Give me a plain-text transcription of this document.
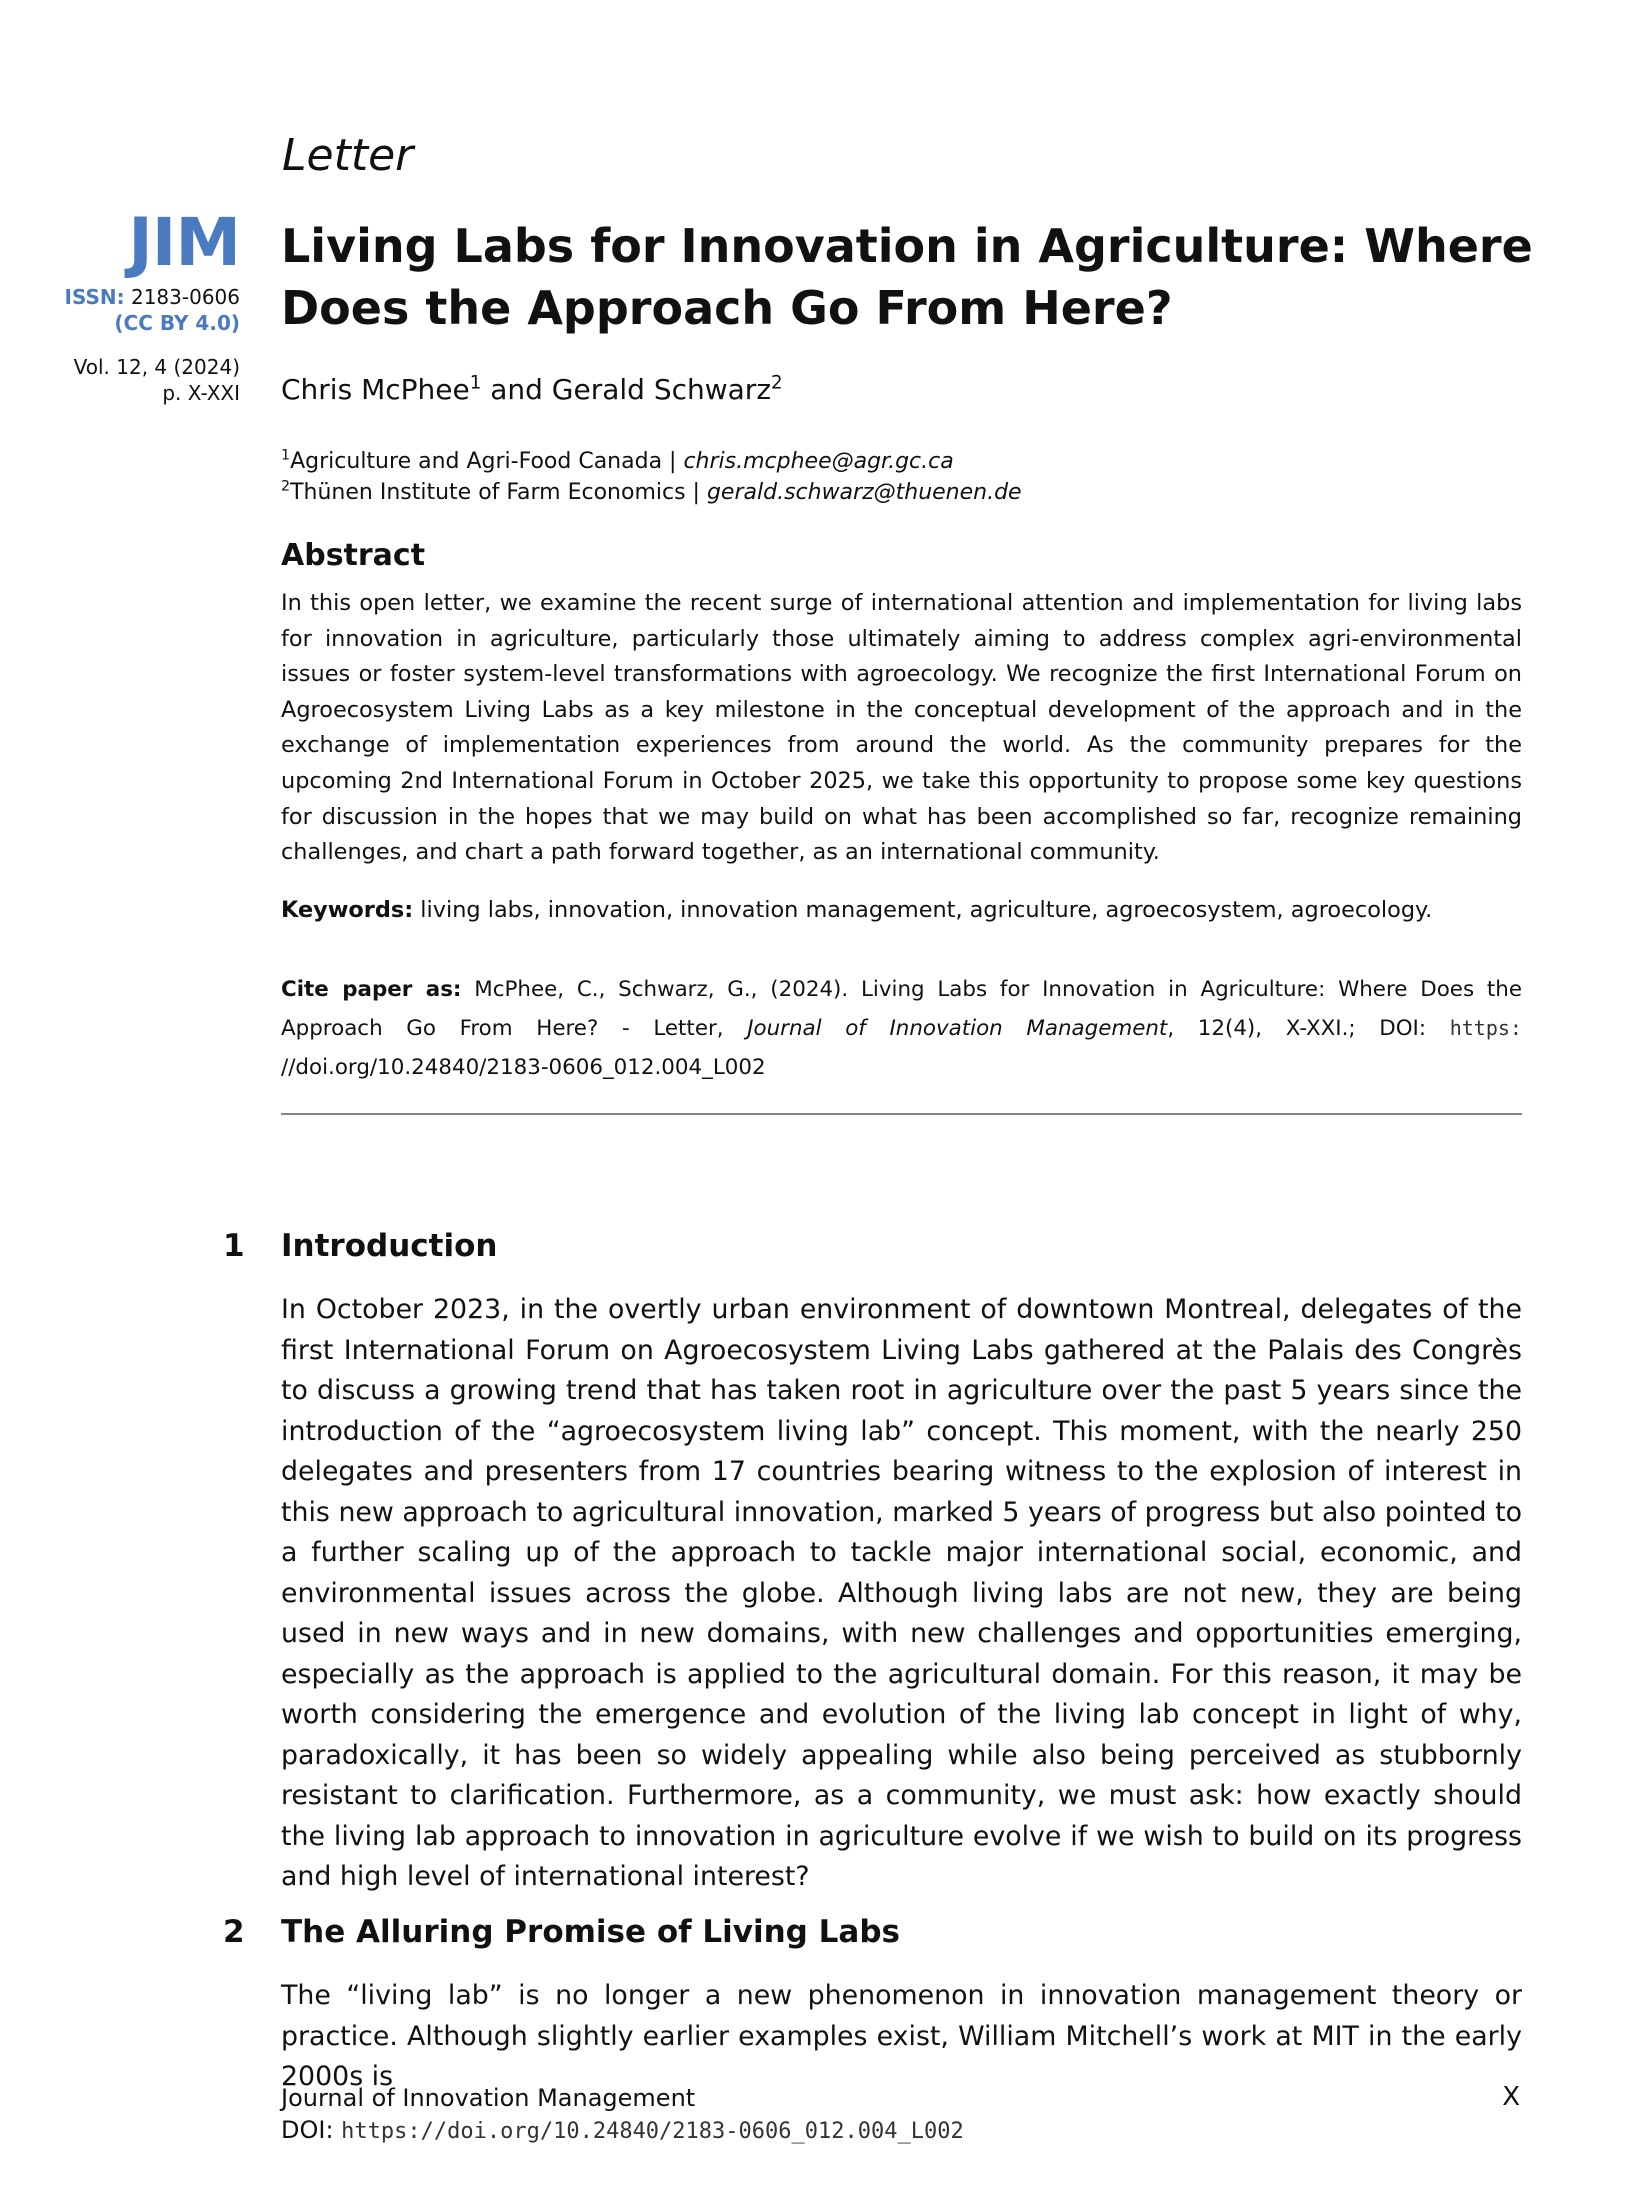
Letter
JIM
ISSN: 2183-0606
(CC BY 4.0)
Vol. 12, 4 (2024)
p. X-XXI
Living Labs for Innovation in Agriculture: Where Does the Approach Go From Here?
Chris McPhee$^1$ and Gerald Schwarz$^2$
$^1$Agriculture and Agri-Food Canada | chris.mcphee@agr.gc.ca
$^2$Thünen Institute of Farm Economics | gerald.schwarz@thuenen.de
Abstract
In this open letter, we examine the recent surge of international attention and implementation for living labs for innovation in agriculture, particularly those ultimately aiming to address complex agri-environmental issues or foster system-level transformations with agroecology. We recognize the first International Forum on Agroecosystem Living Labs as a key milestone in the conceptual development of the approach and in the exchange of implementation experiences from around the world. As the community prepares for the upcoming 2nd International Forum in October 2025, we take this opportunity to propose some key questions for discussion in the hopes that we may build on what has been accomplished so far, recognize remaining challenges, and chart a path forward together, as an international community.
Keywords: living labs, innovation, innovation management, agriculture, agroecosystem, agroecology.
Cite paper as: McPhee, C., Schwarz, G., (2024). Living Labs for Innovation in Agriculture: Where Does the Approach Go From Here? - Letter, Journal of Innovation Management, 12(4), X-XXI.; DOI: https: //doi.org/10.24840/2183-0606_012.004_L002
1 Introduction
In October 2023, in the overtly urban environment of downtown Montreal, delegates of the first International Forum on Agroecosystem Living Labs gathered at the Palais des Congrès to discuss a growing trend that has taken root in agriculture over the past 5 years since the introduction of the “agroecosystem living lab” concept. This moment, with the nearly 250 delegates and presenters from 17 countries bearing witness to the explosion of interest in this new approach to agricultural innovation, marked 5 years of progress but also pointed to a further scaling up of the approach to tackle major international social, economic, and environmental issues across the globe. Although living labs are not new, they are being used in new ways and in new domains, with new challenges and opportunities emerging, especially as the approach is applied to the agricultural domain. For this reason, it may be worth considering the emergence and evolution of the living lab concept in light of why, paradoxically, it has been so widely appealing while also being perceived as stubbornly resistant to clarification. Furthermore, as a community, we must ask: how exactly should the living lab approach to innovation in agriculture evolve if we wish to build on its progress and high level of international interest?
2 The Alluring Promise of Living Labs
The “living lab” is no longer a new phenomenon in innovation management theory or practice. Although slightly earlier examples exist, William Mitchell’s work at MIT in the early 2000s is
Journal of Innovation Management
DOI: https://doi.org/10.24840/2183-0606_012.004_L002
X
